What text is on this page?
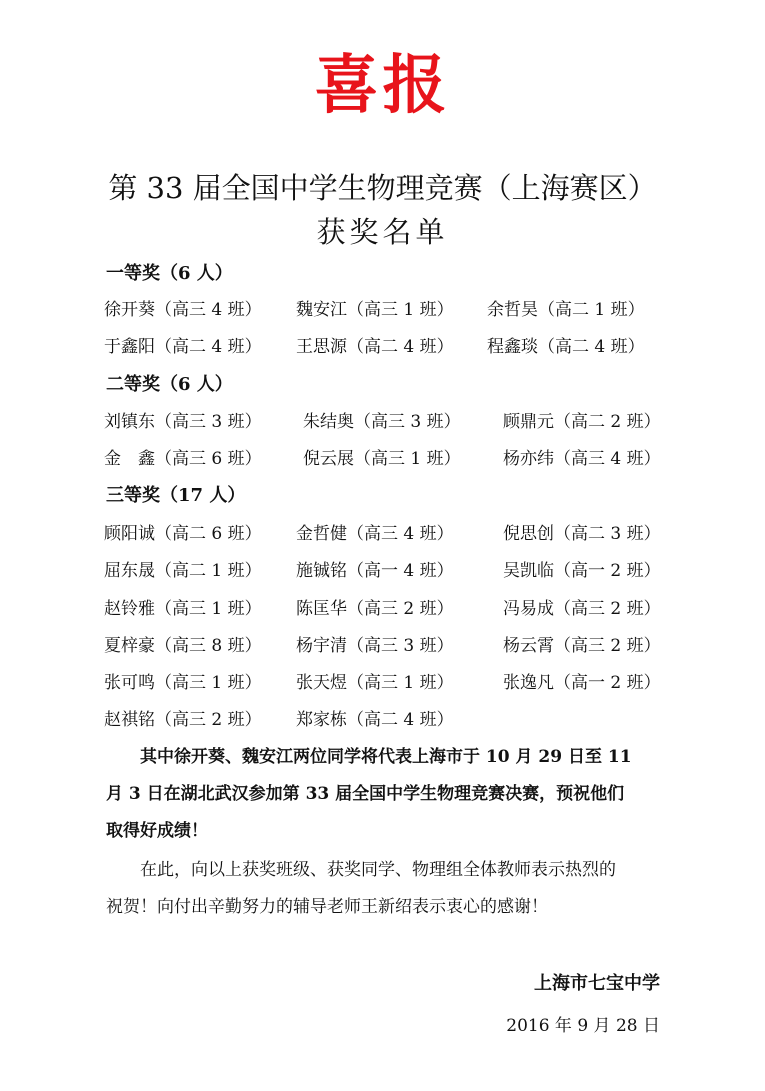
喜报
第 33 届全国中学生物理竞赛（上海赛区）
获奖名单
一等奖（6 人）
徐开葵（高三 4 班） 魏安江（高三 1 班） 余哲昊（高二 1 班）
于鑫阳（高二 4 班） 王思源（高二 4 班） 程鑫琰（高二 4 班）
二等奖（6 人）
刘镇东（高三 3 班） 朱结奥（高三 3 班） 顾鼎元（高二 2 班）
金　鑫（高三 6 班） 倪云展（高三 1 班） 杨亦纬（高三 4 班）
三等奖（17 人）
顾阳诚（高二 6 班） 金哲健（高三 4 班）	倪思创（高二 3 班）
屈东晟（高二 1 班） 施铖铭（高一 4 班）	吴凯临（高一 2 班）
赵铃雅（高三 1 班） 陈匡华（高三 2 班）	冯易成（高三 2 班）
夏梓豪（高三 8 班） 杨宇清（高三 3 班）	杨云霄（高三 2 班）
张可鸣（高三 1 班） 张天煜（高三 1 班）	张逸凡（高一 2 班）
赵祺铭（高三 2 班） 郑家栋（高二 4 班）
其中徐开葵、魏安江两位同学将代表上海市于 10 月 29 日至 11
月 3 日在湖北武汉参加第 33 届全国中学生物理竞赛决赛，预祝他们
取得好成绩！
在此，向以上获奖班级、获奖同学、物理组全体教师表示热烈的
祝贺！向付出辛勤努力的辅导老师王新绍表示衷心的感谢！
上海市七宝中学
2016 年 9 月 28 日
